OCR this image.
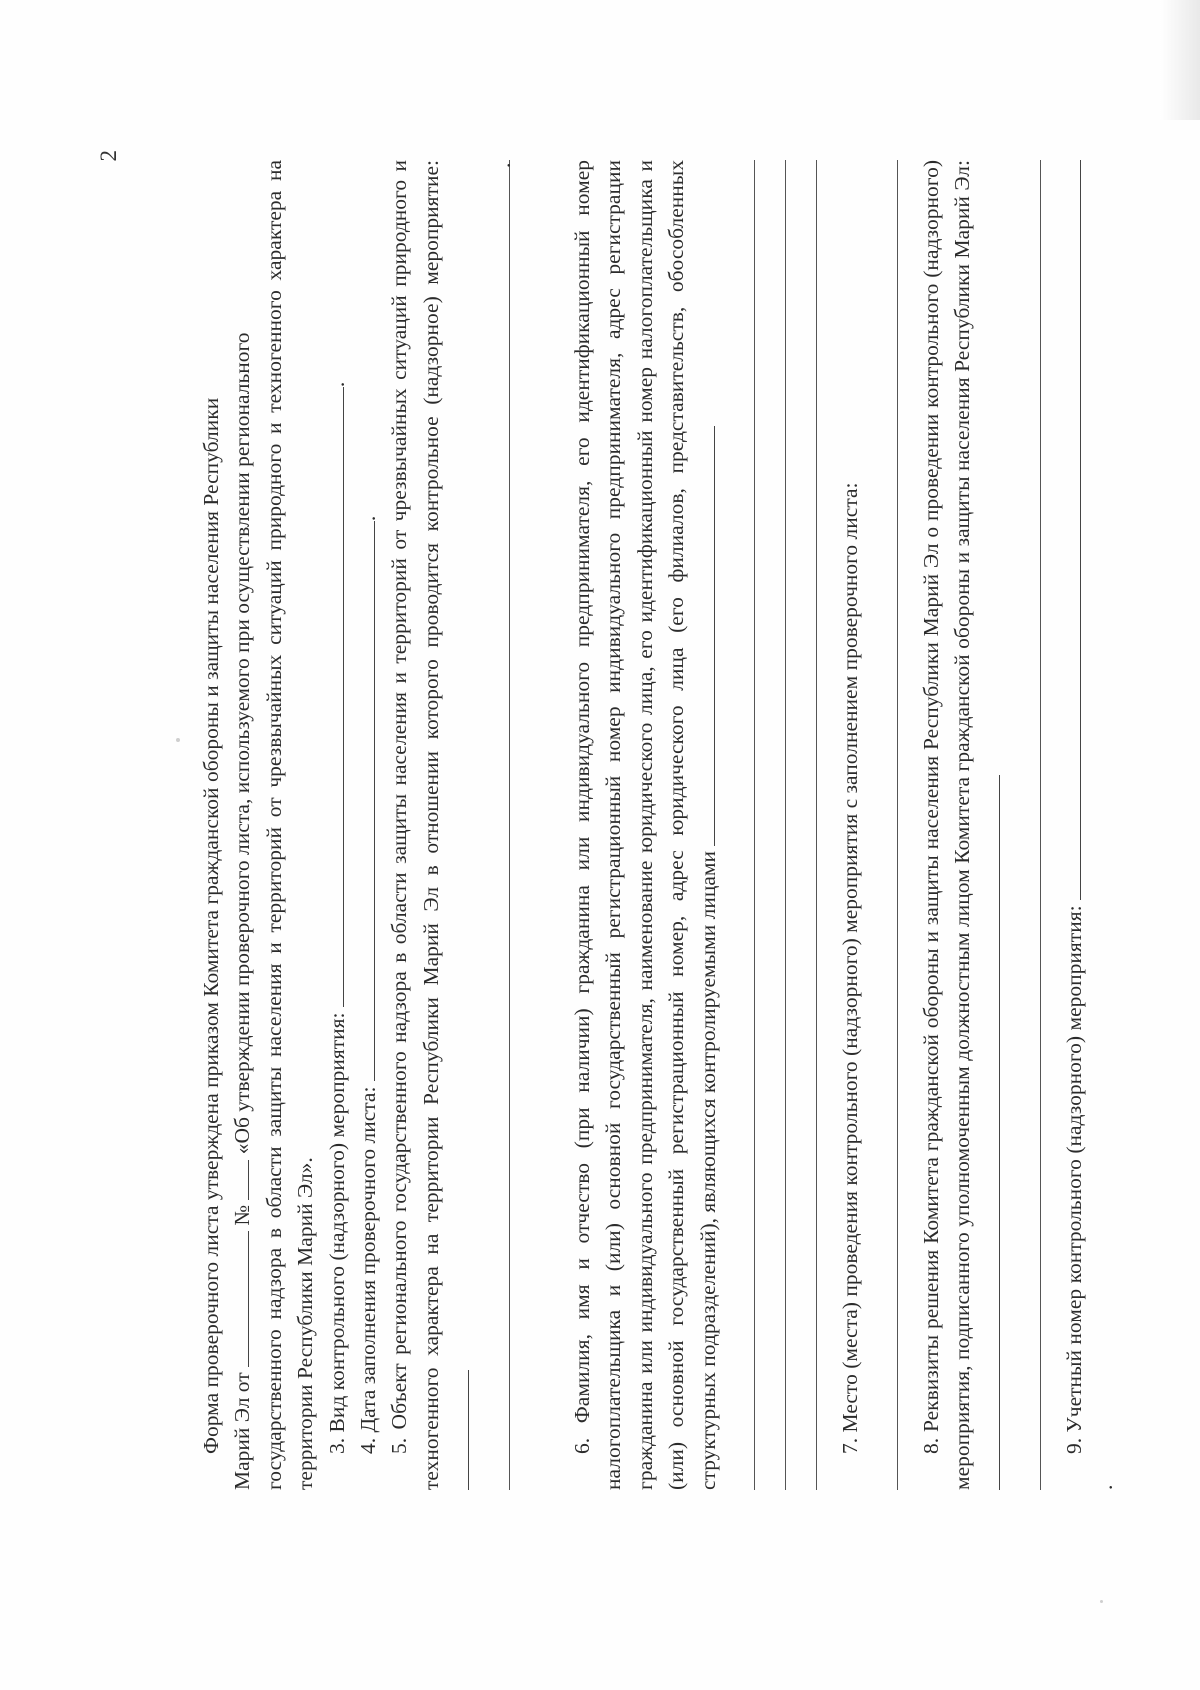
2

Форма проверочного листа утверждена приказом Комитета гражданской обороны и защиты населения Республики Марий Эл от  №  «Об утверждении проверочного листа, используемого при осуществлении регионального государственного надзора в области защиты населения и территорий от чрезвычайных ситуаций природного и техногенного характера на территории Республики Марий Эл». 3. Вид контрольного (надзорного) мероприятия: .

4. Дата заполнения проверочного листа: . 5. Объект регионального государственного надзора в области защиты населения и территорий от чрезвычайных ситуаций природного и техногенного характера на территории Республики Марий Эл в отношении которого проводится контрольное (надзорное) мероприятие:	.	6. Фамилия, имя и отчество (при наличии) гражданина или индивидуального предпринимателя, его идентификационный номер налогоплательщика и (или) основной государственный регистрационный номер индивидуального предпринимателя, адрес регистрации гражданина или индивидуального предпринимателя, наименование юридического лица, его идентификационный номер налогоплательщика и (или) основной государственный регистрационный номер, адрес юридического лица (его филиалов, представительств, обособленных структурных подразделений), являющихся контролируемыми лицами	7. Место (места) проведения контрольного (надзорного) мероприятия с заполнением проверочного листа:	8. Реквизиты решения Комитета гражданской обороны и защиты населения Республики Марий Эл о проведении контрольного (надзорного) мероприятия, подписанного уполномоченным должностным лицом Комитета гражданской обороны и защиты населения Республики Марий Эл:	9. Учетный номер контрольного (надзорного) мероприятия: .
